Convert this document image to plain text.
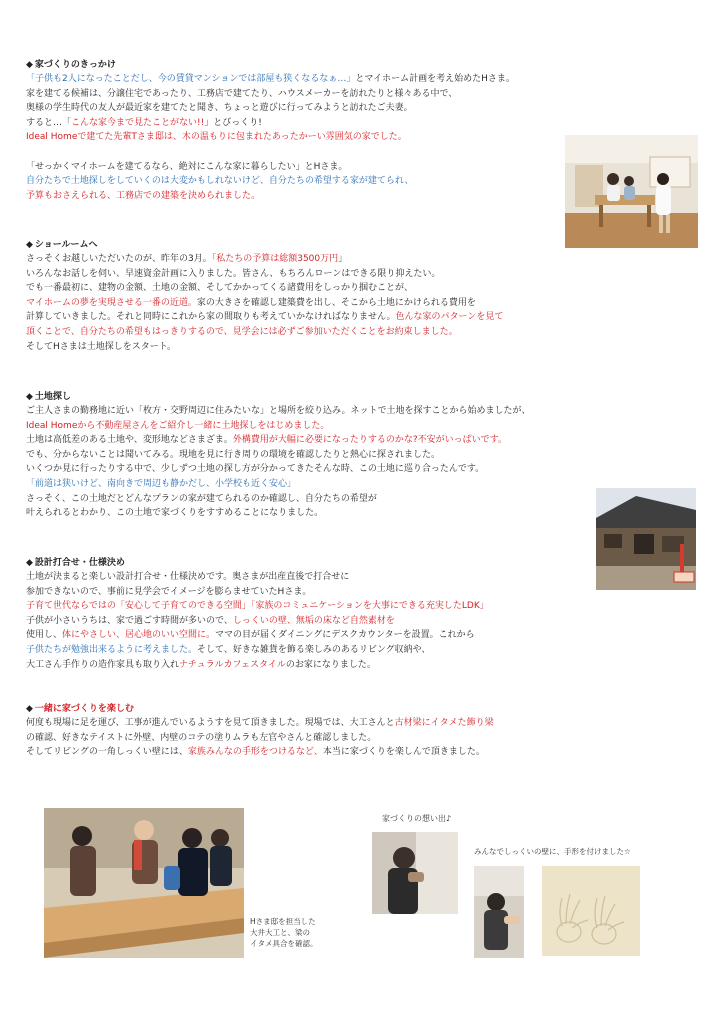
◆ 家づくりのきっかけ
「子供も2人になったことだし、今の賃貸マンションでは部屋も狭くなるなぁ…」とマイホーム計画を考え始めたHさま。
家を建てる候補は、分譲住宅であったり、工務店で建てたり、ハウスメーカーを訪れたりと様々ある中で、
奥様の学生時代の友人が最近家を建てたと聞き、ちょっと遊びに行ってみようと訪れたご夫妻。
すると…「こんな家今まで見たことがない!!」とびっくり!
Ideal Homeで建てた先輩Tさま邸は、木の温もりに包まれたあったかーい雰囲気の家でした。

「せっかくマイホームを建てるなら、絶対にこんな家に暮らしたい」とHさま。
自分たちで土地探しをしていくのは大変かもしれないけど、自分たちの希望する家が建てられ、
予算もおさえられる、工務店での建築を決められました。
◆ ショールームへ
さっそくお越しいただいたのが、昨年の3月。「私たちの予算は総額3500万円」
いろんなお話しを伺い、早速資金計画に入りました。皆さん、もちろんローンはできる限り抑えたい。
でも一番最初に、建物の金額、土地の金額、そしてかかってくる諸費用をしっかり掴むことが、
マイホームの夢を実現させる一番の近道。家の大きさを確認し建築費を出し、そこから土地にかけられる費用を
計算していきました。それと同時にこれから家の間取りも考えていかなければなりません。色んな家のパターンを見て
頂くことで、自分たちの希望もはっきりするので、見学会には必ずご参加いただくことをお約束しました。
そしてHさまは土地探しをスタート。
◆ 土地探し
ご主人さまの勤務地に近い「枚方・交野周辺に住みたいな」と場所を絞り込み。ネットで土地を探すことから始めましたが、
Ideal Homeから不動産屋さんをご紹介し一緒に土地探しをはじめました。
土地は高低差のある土地や、変形地などさまざま。外構費用が大幅に必要になったりするのかな?不安がいっぱいです。
でも、分からないことは聞いてみる。現地を見に行き周りの環境を確認したりと熱心に探されました。
いくつか見に行ったりする中で、少しずつ土地の探し方が分かってきたそんな時、この土地に巡り合ったんです。
「前道は狭いけど、南向きで周辺も静かだし、小学校も近く安心」
さっそく、この土地だとどんなプランの家が建てられるのか確認し、自分たちの希望が
叶えられるとわかり、この土地で家づくりをすすめることになりました。
◆ 設計打合せ・仕様決め
土地が決まると楽しい設計打合せ・仕様決めです。奥さまが出産直後で打合せに
参加できないので、事前に見学会でイメージを膨らませていたHさま。
子育て世代ならではの「安心して子育てのできる空間」「家族のコミュニケーションを大事にできる充実したLDK」
子供が小さいうちは、家で過ごす時間が多いので、しっくいの壁、無垢の床など自然素材を
使用し、体にやさしい、居心地のいい空間に。ママの目が届くダイニングにデスクカウンターを設置。これから
子供たちが勉強出来るように考えました。そして、好きな雑貨を飾る楽しみのあるリビング収納や、
大工さん手作りの造作家具も取り入れナチュラルカフェスタイルのお家になりました。
◆ 一緒に家づくりを楽しむ
何度も現場に足を運び、工事が進んでいるようすを見て頂きました。現場では、大工さんと古材梁にイタメた飾り梁
の確認、好きなテイストに外壁、内壁のコテの塗りムラも左官やさんと確認しました。
そしてリビングの一角しっくい壁には、家族みんなの手形をつけるなど、本当に家づくりを楽しんで頂きました。
Hさま邸を担当した
大井大工と、梁の
イタメ具合を確認。
家づくりの想い出♪
みんなでしっくいの壁に、手形を付けました☆
